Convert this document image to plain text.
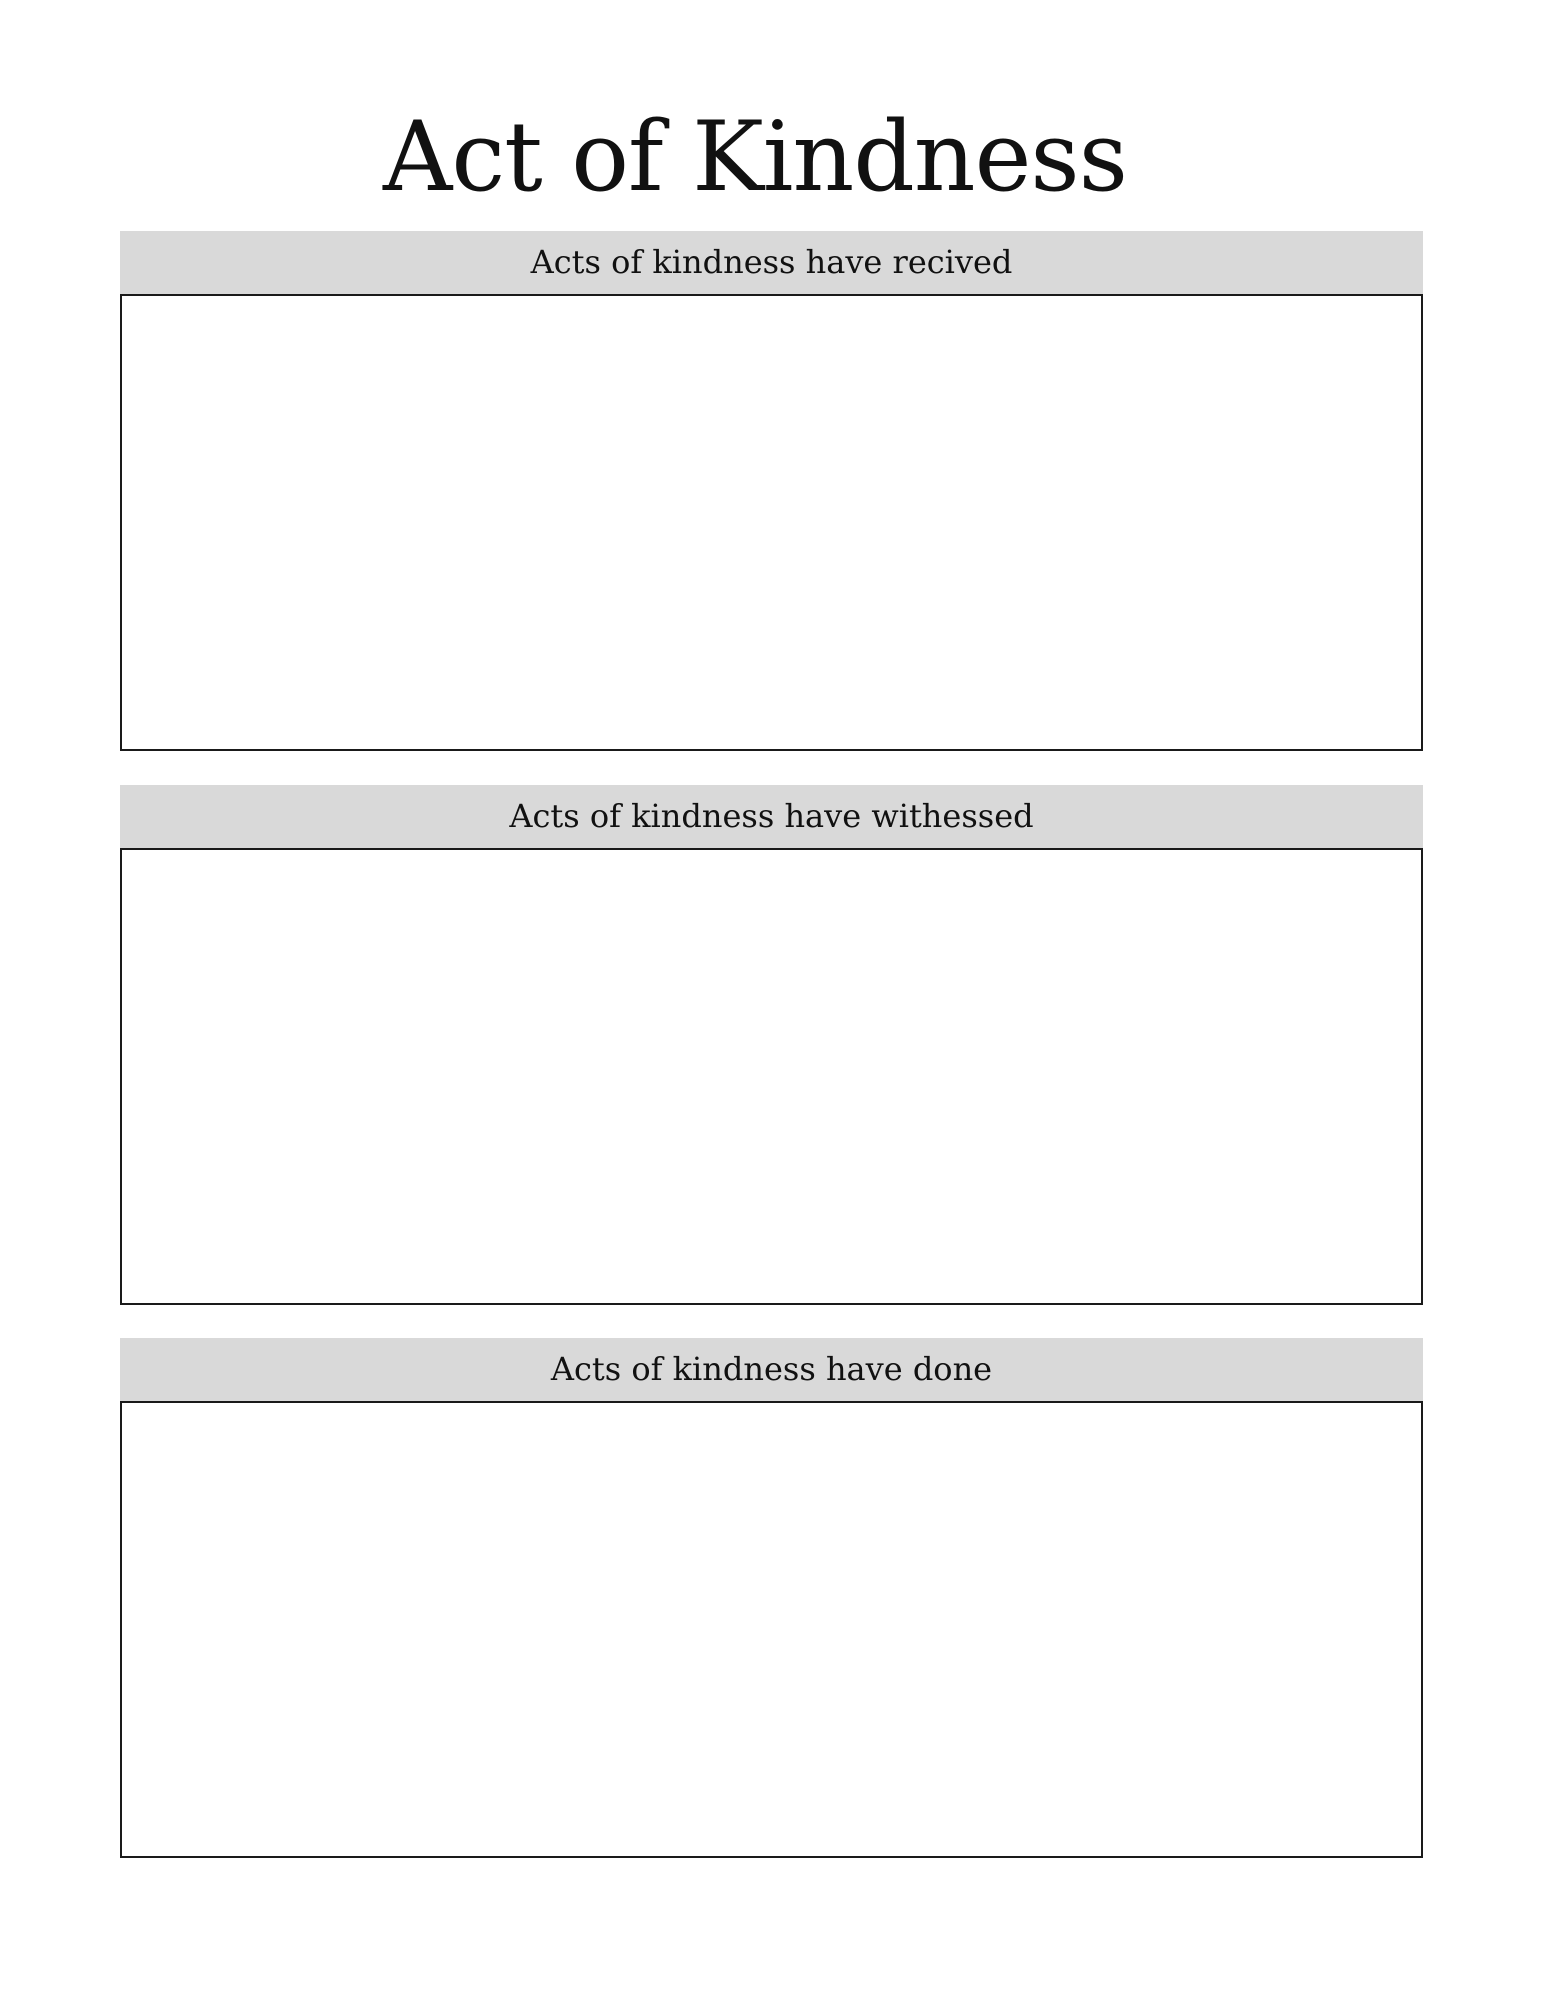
Act of Kindness
Acts of kindness have recived
Acts of kindness have withessed
Acts of kindness have done
